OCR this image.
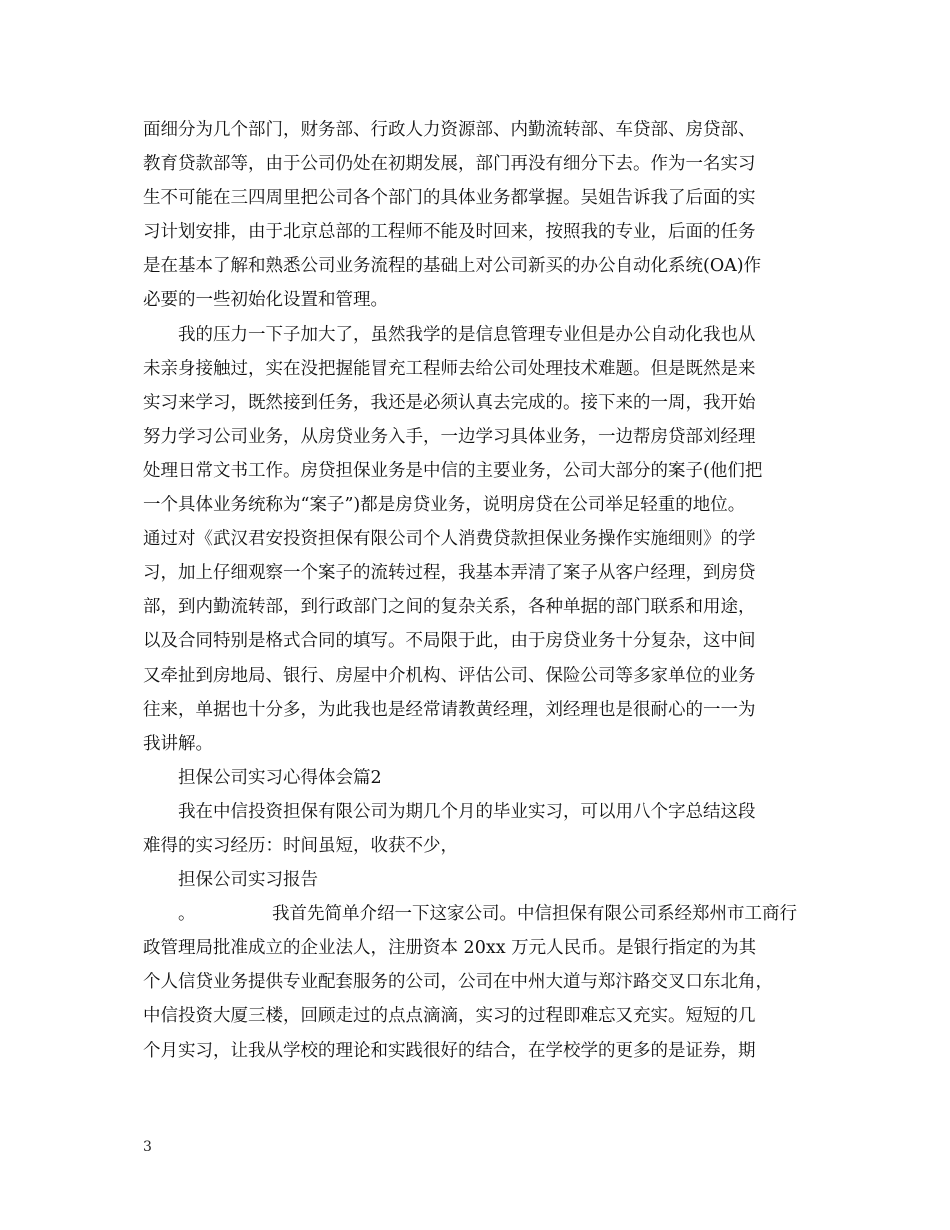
面细分为几个部门，财务部、行政人力资源部、内勤流转部、车贷部、房贷部、
教育贷款部等，由于公司仍处在初期发展，部门再没有细分下去。作为一名实习
生不可能在三四周里把公司各个部门的具体业务都掌握。吴姐告诉我了后面的实
习计划安排，由于北京总部的工程师不能及时回来，按照我的专业，后面的任务
是在基本了解和熟悉公司业务流程的基础上对公司新买的办公自动化系统(OA)作
必要的一些初始化设置和管理。
我的压力一下子加大了，虽然我学的是信息管理专业但是办公自动化我也从
未亲身接触过，实在没把握能冒充工程师去给公司处理技术难题。但是既然是来
实习来学习，既然接到任务，我还是必须认真去完成的。接下来的一周，我开始
努力学习公司业务，从房贷业务入手，一边学习具体业务，一边帮房贷部刘经理
处理日常文书工作。房贷担保业务是中信的主要业务，公司大部分的案子(他们把
一个具体业务统称为“案子”)都是房贷业务，说明房贷在公司举足轻重的地位。
通过对《武汉君安投资担保有限公司个人消费贷款担保业务操作实施细则》的学
习，加上仔细观察一个案子的流转过程，我基本弄清了案子从客户经理，到房贷
部，到内勤流转部，到行政部门之间的复杂关系，各种单据的部门联系和用途，
以及合同特别是格式合同的填写。不局限于此，由于房贷业务十分复杂，这中间
又牵扯到房地局、银行、房屋中介机构、评估公司、保险公司等多家单位的业务
往来，单据也十分多，为此我也是经常请教黄经理，刘经理也是很耐心的一一为
我讲解。
担保公司实习心得体会篇2
我在中信投资担保有限公司为期几个月的毕业实习，可以用八个字总结这段
难得的实习经历：时间虽短，收获不少，
担保公司实习报告
。	我首先简单介绍一下这家公司。中信担保有限公司系经郑州市工商行
政管理局批准成立的企业法人，注册资本 20xx 万元人民币。是银行指定的为其
个人信贷业务提供专业配套服务的公司，公司在中州大道与郑汴路交叉口东北角，
中信投资大厦三楼，回顾走过的点点滴滴，实习的过程即难忘又充实。短短的几
个月实习，让我从学校的理论和实践很好的结合，在学校学的更多的是证券，期
3
